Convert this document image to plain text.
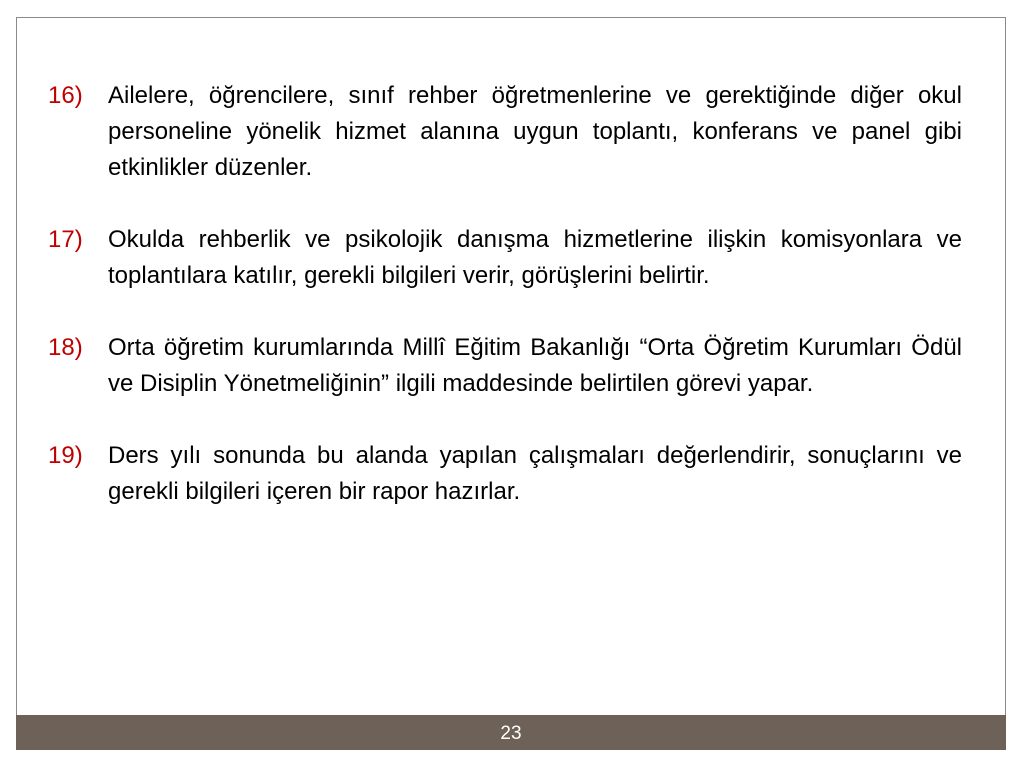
16) Ailelere, öğrencilere, sınıf rehber öğretmenlerine ve gerektiğinde diğer okul personeline yönelik hizmet alanına uygun toplantı, konferans ve panel gibi etkinlikler düzenler.
17) Okulda rehberlik ve psikolojik danışma hizmetlerine ilişkin komisyonlara ve toplantılara katılır, gerekli bilgileri verir, görüşlerini belirtir.
18) Orta öğretim kurumlarında Millî Eğitim Bakanlığı “Orta Öğretim Kurumları Ödül ve Disiplin Yönetmeliğinin” ilgili maddesinde belirtilen görevi yapar.
19) Ders yılı sonunda bu alanda yapılan çalışmaları değerlendirir, sonuçlarını ve gerekli bilgileri içeren bir rapor hazırlar.
23
